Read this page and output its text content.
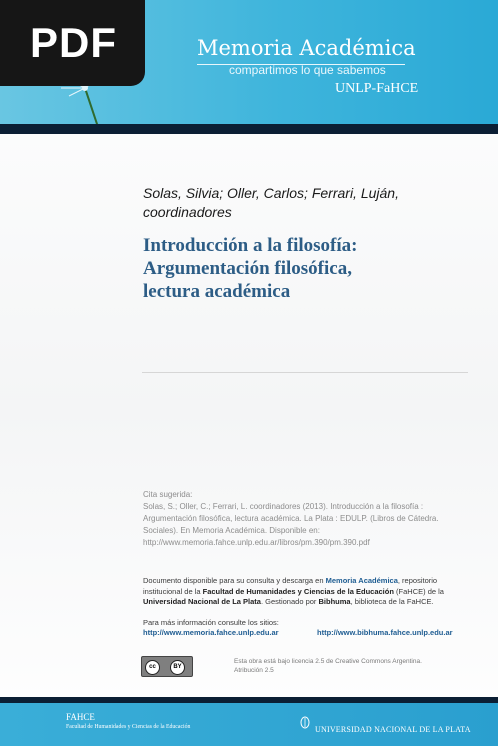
Memoria Académica
compartimos lo que sabemos
UNLP-FaHCE
PDF
Solas, Silvia; Oller, Carlos; Ferrari, Luján,
coordinadores
Introducción a la filosofía:
Argumentación filosófica,
lectura académica
Cita sugerida:
Solas, S.; Oller, C.; Ferrari, L. coordinadores (2013). Introducción a la filosofía :
Argumentación filosófica, lectura académica. La Plata : EDULP. (Libros de Cátedra.
Sociales). En Memoria Académica. Disponible en:
http://www.memoria.fahce.unlp.edu.ar/libros/pm.390/pm.390.pdf
Documento disponible para su consulta y descarga en Memoria Académica, repositorio
institucional de la Facultad de Humanidades y Ciencias de la Educación (FaHCE) de la
Universidad Nacional de La Plata. Gestionado por Bibhuma, biblioteca de la FaHCE.
Para más información consulte los sitios:
http://www.memoria.fahce.unlp.edu.ar	http://www.bibhuma.fahce.unlp.edu.ar
cc	BY
Esta obra está bajo licencia 2.5 de Creative Commons Argentina.
Atribución 2.5
FAHCE
Facultad de Humanidades y Ciencias de la Educación	UNIVERSIDAD NACIONAL DE LA PLATA
